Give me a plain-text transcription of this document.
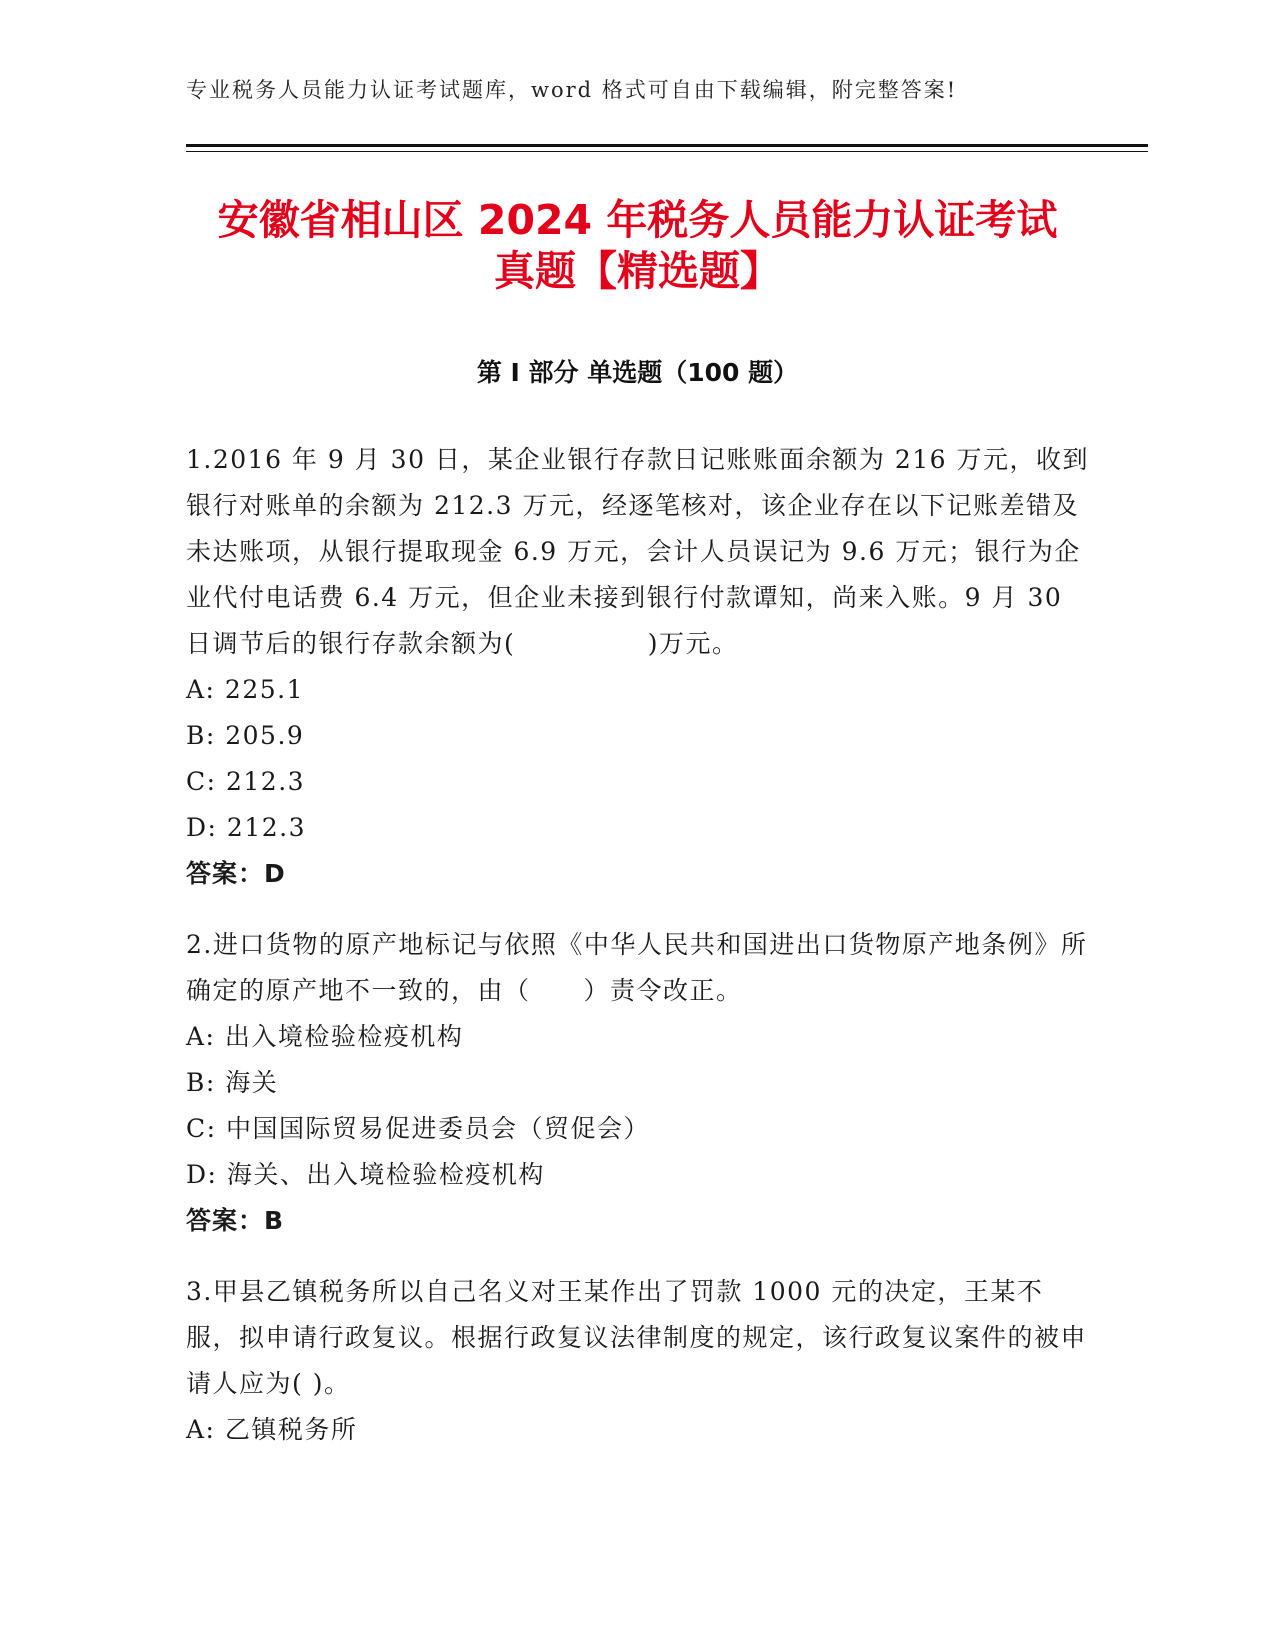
专业税务人员能力认证考试题库，word 格式可自由下载编辑，附完整答案!
安徽省相山区 2024 年税务人员能力认证考试
真题【精选题】
第 I 部分 单选题（100 题）

1.2016 年 9 月 30 日，某企业银行存款日记账账面余额为 216 万元，收到银行对账单的余额为 212.3 万元，经逐笔核对，该企业存在以下记账差错及未达账项，从银行提取现金 6.9 万元，会计人员误记为 9.6 万元；银行为企业代付电话费 6.4 万元，但企业未接到银行付款谭知，尚来入账。9 月 30 日调节后的银行存款余额为(　　　　　)万元。

A: 225.1

B: 205.9

C: 212.3

D: 212.3

答案：D

2.进口货物的原产地标记与依照《中华人民共和国进出口货物原产地条例》所确定的原产地不一致的，由（　　）责令改正。

A: 出入境检验检疫机构

B: 海关

C: 中国国际贸易促进委员会（贸促会）

D: 海关、出入境检验检疫机构

答案：B

3.甲县乙镇税务所以自己名义对王某作出了罚款 1000 元的决定，王某不服，拟申请行政复议。根据行政复议法律制度的规定，该行政复议案件的被申请人应为( )。

A: 乙镇税务所
